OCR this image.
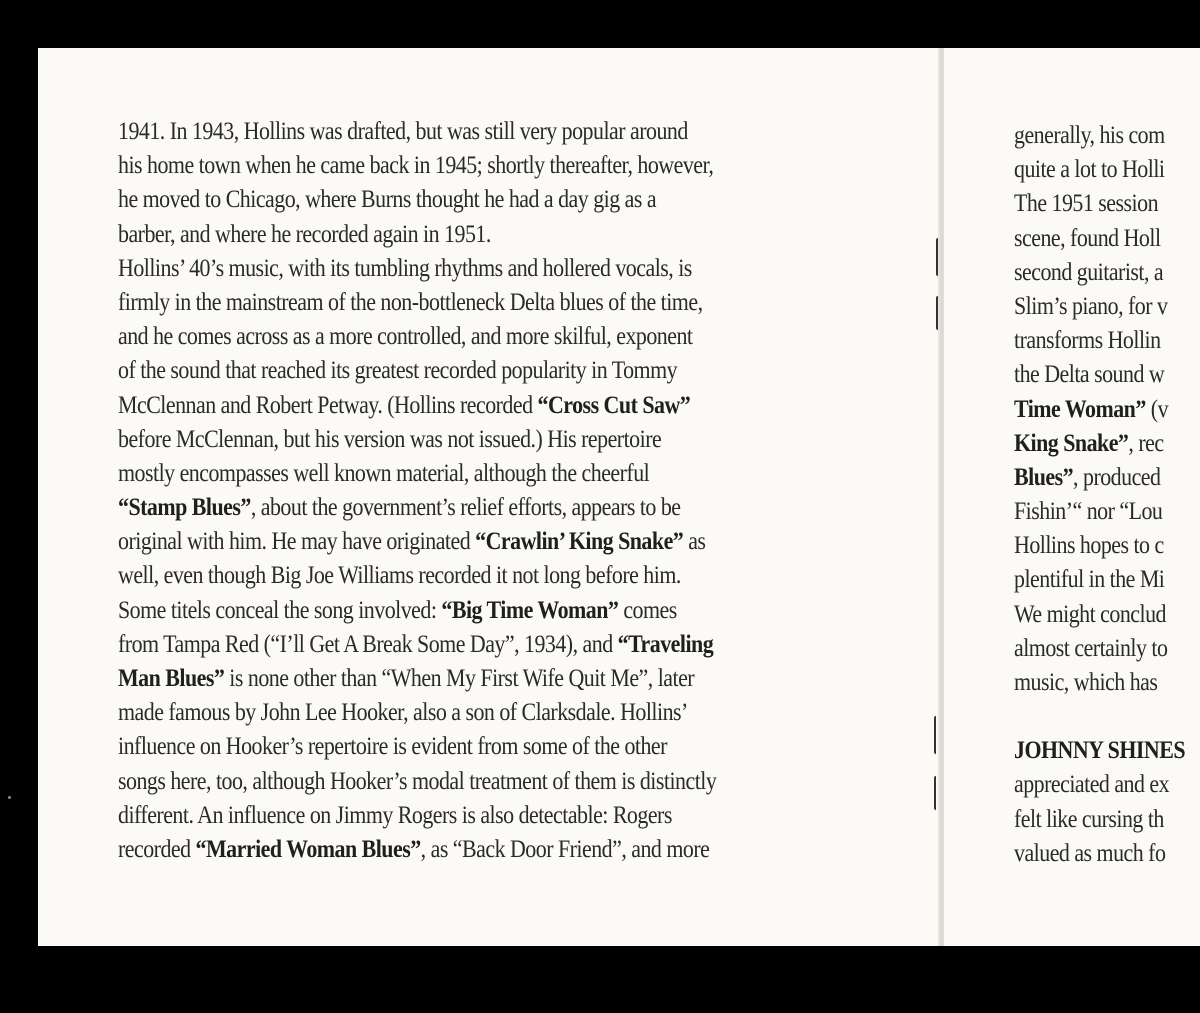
1941. In 1943, Hollins was drafted, but was still very popular around
his home town when he came back in 1945; shortly thereafter, however,
he moved to Chicago, where Burns thought he had a day gig as a
barber, and where he recorded again in 1951.
Hollins’ 40’s music, with its tumbling rhythms and hollered vocals, is
firmly in the mainstream of the non-bottleneck Delta blues of the time,
and he comes across as a more controlled, and more skilful, exponent
of the sound that reached its greatest recorded popularity in Tommy
McClennan and Robert Petway. (Hollins recorded “Cross Cut Saw”
before McClennan, but his version was not issued.) His repertoire
mostly encompasses well known material, although the cheerful
“Stamp Blues”, about the government’s relief efforts, appears to be
original with him. He may have originated “Crawlin’ King Snake” as
well, even though Big Joe Williams recorded it not long before him.
Some titels conceal the song involved: “Big Time Woman” comes
from Tampa Red (“I’ll Get A Break Some Day”, 1934), and “Traveling
Man Blues” is none other than “When My First Wife Quit Me”, later
made famous by John Lee Hooker, also a son of Clarksdale. Hollins’
influence on Hooker’s repertoire is evident from some of the other
songs here, too, although Hooker’s modal treatment of them is distinctly
different. An influence on Jimmy Rogers is also detectable: Rogers
recorded “Married Woman Blues”, as “Back Door Friend”, and more
generally, his com
quite a lot to Holli
The 1951 session
scene, found Holl
second guitarist, a
Slim’s piano, for v
transforms Hollin
the Delta sound w
Time Woman” (v
King Snake”, rec
Blues”, produced
Fishin’“ nor “Lou
Hollins hopes to c
plentiful in the Mi
We might conclud
almost certainly to
music, which has
JOHNNY SHINES
appreciated and ex
felt like cursing th
valued as much fo
